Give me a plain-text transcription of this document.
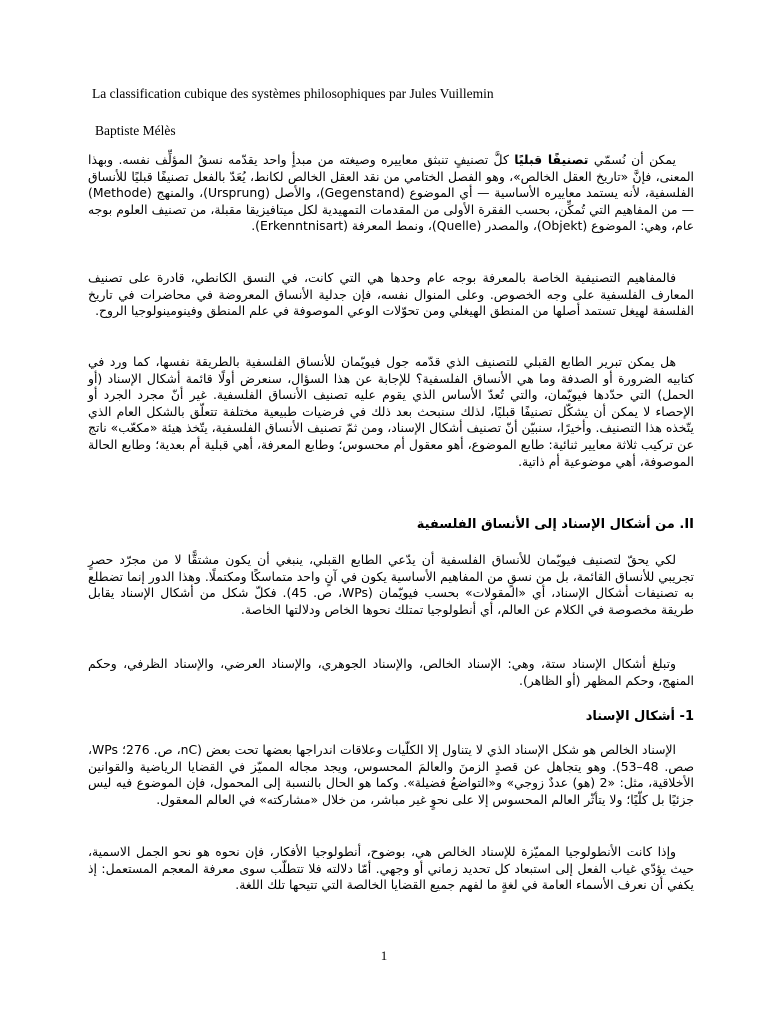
La classification cubique des systèmes philosophiques par Jules Vuillemin
Baptiste Mélès

يمكن أن نُسمّي تصنيفًا قبليًا كلَّ تصنيفٍ تنبثق معاييره وصيغته من مبدأٍ واحد يقدّمه نسقُ المؤلِّف نفسه. وبهذا المعنى، فإنَّ «تاريخ العقل الخالص»، وهو الفصل الختامي من نقد العقل الخالص لكانط، يُعَدّ بالفعل تصنيفًا قبليًا للأنساق الفلسفية، لأنه يستمد معاييره الأساسية — أي الموضوع (Gegenstand)، والأصل (Ursprung)، والمنهج (Methode) — من المفاهيم التي تُمكِّن، بحسب الفقرة الأولى من المقدمات التمهيدية لكل ميتافيزيقا مقبلة، من تصنيف العلوم بوجه عام، وهي: الموضوع (Objekt)، والمصدر (Quelle)، ونمط المعرفة (Erkenntnisart).

فالمفاهيم التصنيفية الخاصة بالمعرفة بوجه عام وحدها هي التي كانت، في النسق الكانطي، قادرة على تصنيف المعارف الفلسفية على وجه الخصوص. وعلى المنوال نفسه، فإن جدلية الأنساق المعروضة في محاضرات في تاريخ الفلسفة لهيغل تستمد أصلها من المنطق الهيغلي ومن تحوّلات الوعي الموصوفة في علم المنطق وفينومينولوجيا الروح.

هل يمكن تبرير الطابع القبلي للتصنيف الذي قدّمه جول فيويّمان للأنساق الفلسفية بالطريقة نفسها، كما ورد في كتابيه الضرورة أو الصدفة وما هي الأنساق الفلسفية؟ للإجابة عن هذا السؤال، سنعرض أولًا قائمة أشكال الإسناد (أو الحمل) التي حدّدها فيويّمان، والتي تُعدّ الأساس الذي يقوم عليه تصنيف الأنساق الفلسفية. غير أنّ مجرد الجرد أو الإحصاء لا يمكن أن يشكّل تصنيفًا قبليًا، لذلك سنبحث بعد ذلك في فرضيات طبيعية مختلفة تتعلّق بالشكل العام الذي يتّخذه هذا التصنيف. وأخيرًا، سنبيّن أنّ تصنيف أشكال الإسناد، ومن ثمّ تصنيف الأنساق الفلسفية، يتّخذ هيئة «مكعّب» ناتج عن تركيب ثلاثة معايير ثنائية: طابع الموضوع، أهو معقول أم محسوس؛ وطابع المعرفة، أهي قبلية أم بعدية؛ وطابع الحالة الموصوفة، أهي موضوعية أم ذاتية.

II. من أشكال الإسناد إلى الأنساق الفلسفية

لكي يحقّ لتصنيف فيويّمان للأنساق الفلسفية أن يدّعي الطابع القبلي، ينبغي أن يكون مشتقًّا لا من مجرّد حصرٍ تجريبي للأنساق القائمة، بل من نسقٍ من المفاهيم الأساسية يكون في آنٍ واحد متماسكًا ومكتملًا. وهذا الدور إنما تضطلع به تصنيفات أشكال الإسناد، أي «المقولات» بحسب فيويّمان (WPs، ص. 45). فكلّ شكل من أشكال الإسناد يقابل طريقة مخصوصة في الكلام عن العالم، أي أنطولوجيا تمتلك نحوها الخاص ودلالتها الخاصة.

وتبلغ أشكال الإسناد ستة، وهي: الإسناد الخالص، والإسناد الجوهري، والإسناد العرضي، والإسناد الظرفي، وحكم المنهج، وحكم المظهر (أو الظاهر).

1- أشكال الإسناد

الإسناد الخالص هو شكل الإسناد الذي لا يتناول إلا الكلّيات وعلاقات اندراجها بعضها تحت بعض (nC، ص. 276؛ WPs، صص. 48–53). وهو يتجاهل عن قصدٍ الزمنَ والعالمَ المحسوس، ويجد مجاله المميّز في القضايا الرياضية والقوانين الأخلاقية، مثل: «2 (هو) عددٌ زوجي» و«التواضعُ فضيلة». وكما هو الحال بالنسبة إلى المحمول، فإن الموضوع فيه ليس جزئيًا بل كلّيًا؛ ولا يتأثّر العالم المحسوس إلا على نحوٍ غير مباشر، من خلال «مشاركته» في العالم المعقول.

وإذا كانت الأنطولوجيا المميّزة للإسناد الخالص هي، بوضوح، أنطولوجيا الأفكار، فإن نحوه هو نحو الجمل الاسمية، حيث يؤدّي غياب الفعل إلى استبعاد كل تحديد زماني أو وجهي. أمّا دلالته فلا تتطلّب سوى معرفة المعجم المستعمل: إذ يكفي أن نعرف الأسماء العامة في لغةٍ ما لفهم جميع القضايا الخالصة التي تتيحها تلك اللغة.

1
